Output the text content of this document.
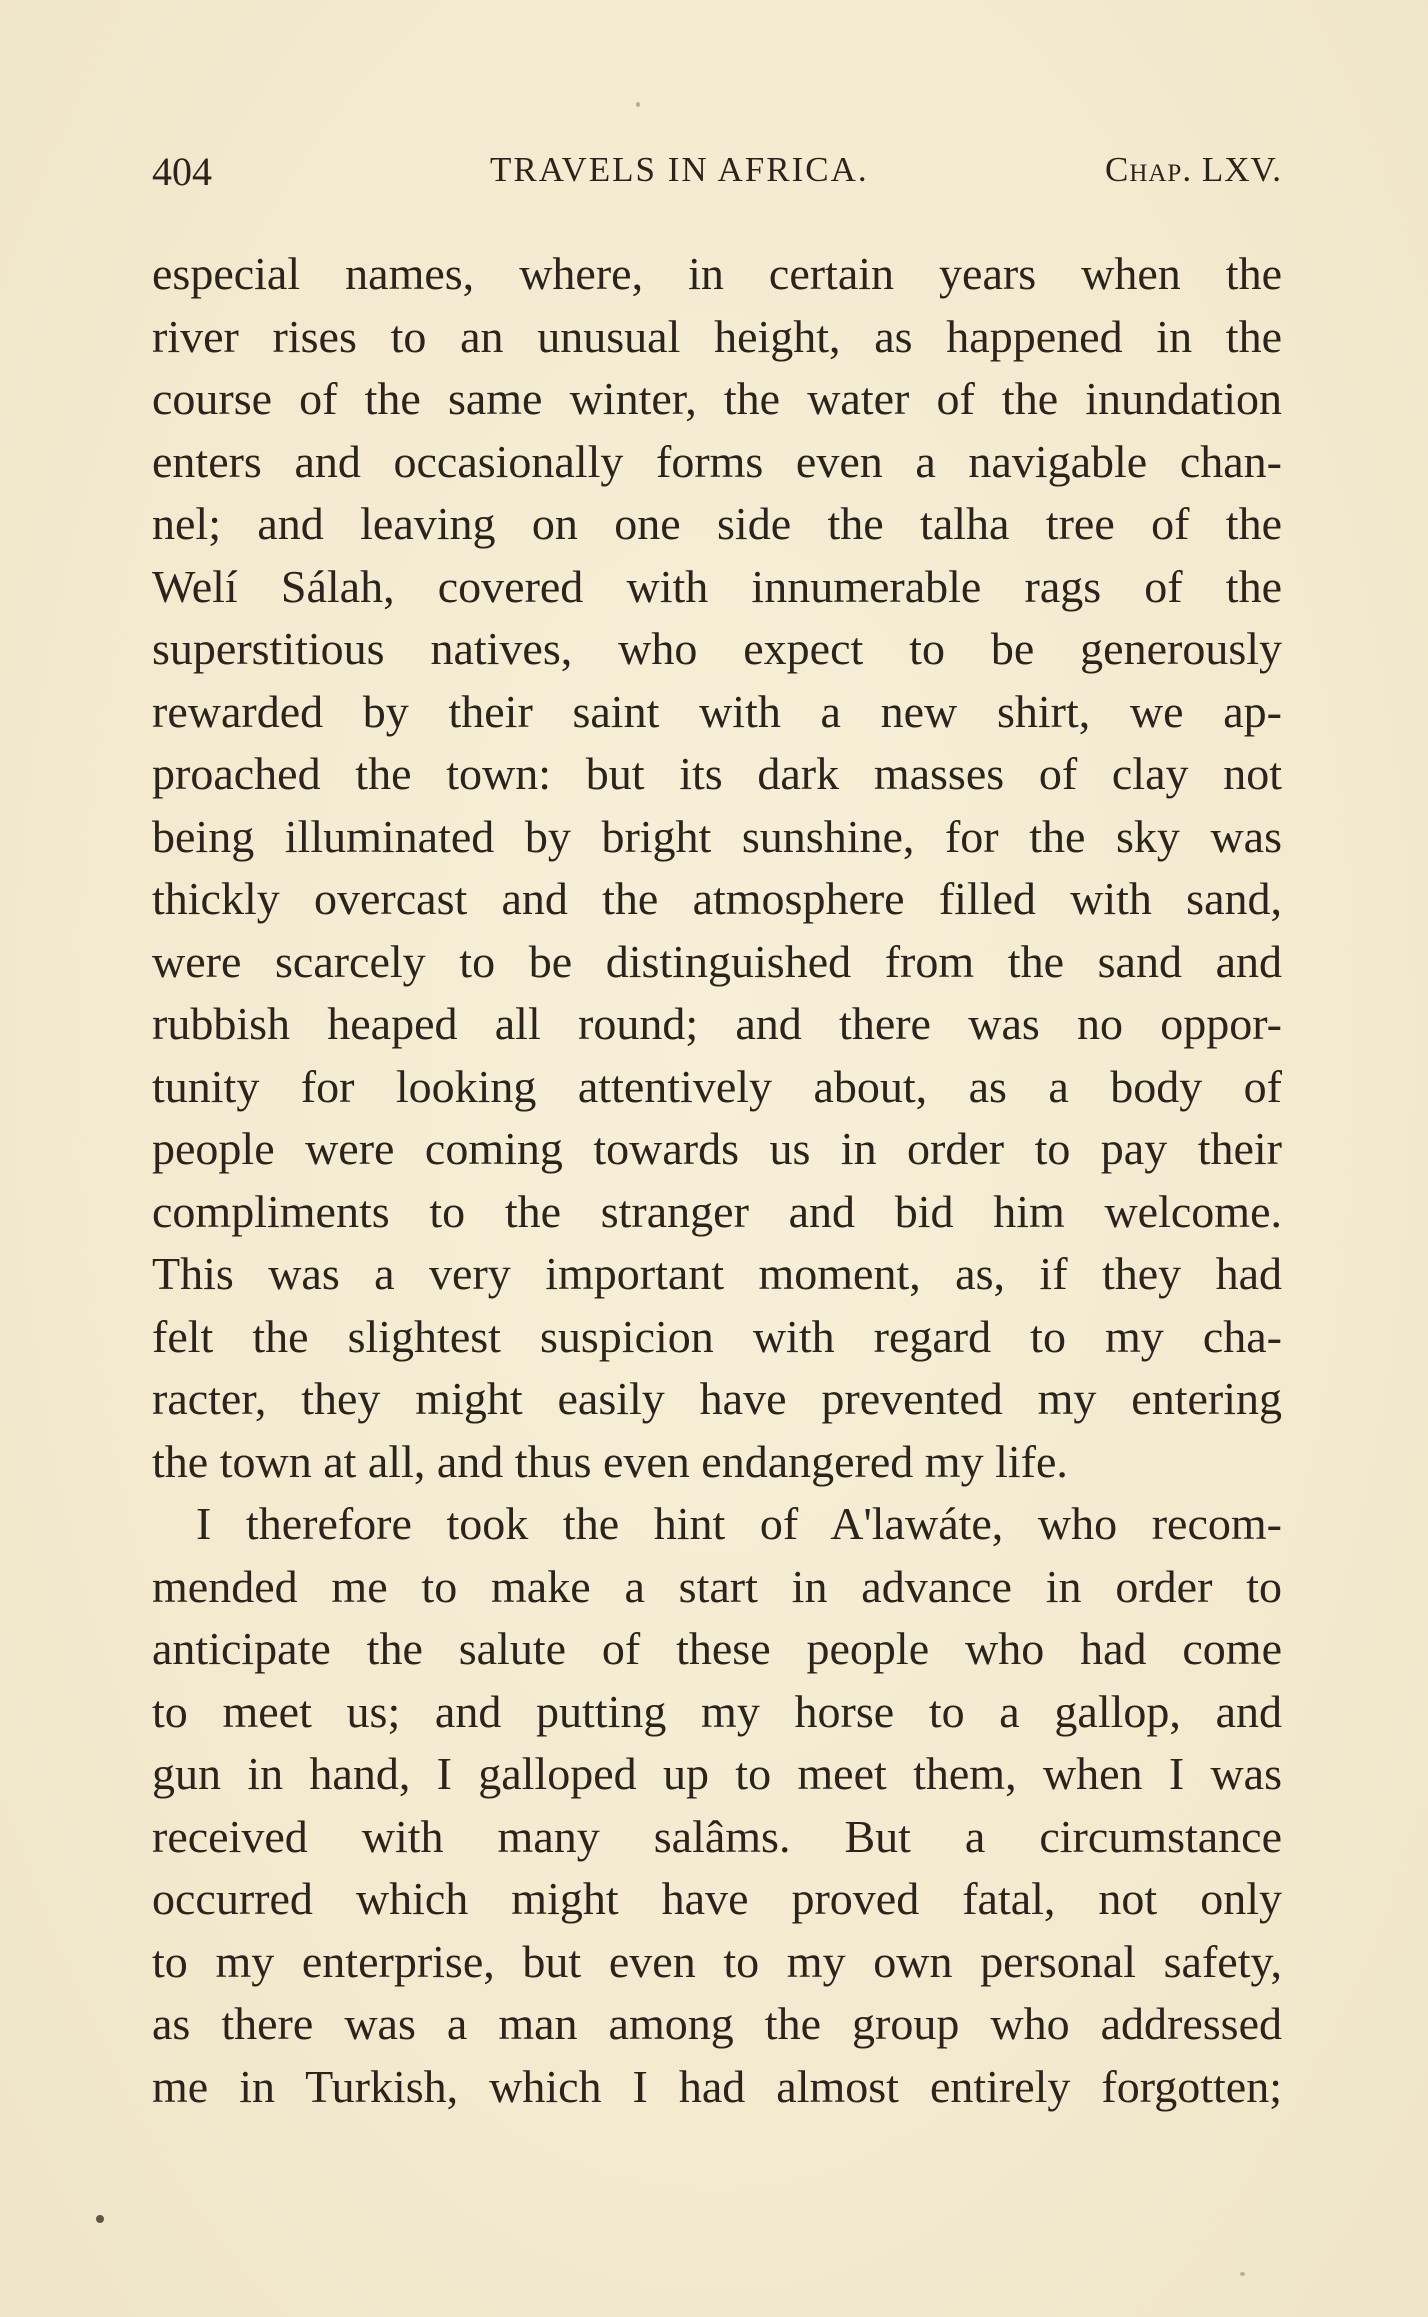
404	TRAVELS IN AFRICA.	Chap. LXV.
especial names, where, in certain years when the
river rises to an unusual height, as happened in the
course of the same winter, the water of the inundation
enters and occasionally forms even a navigable chan-
nel; and leaving on one side the talha tree of the
Welí Sálah, covered with innumerable rags of the
superstitious natives, who expect to be generously
rewarded by their saint with a new shirt, we ap-
proached the town: but its dark masses of clay not
being illuminated by bright sunshine, for the sky was
thickly overcast and the atmosphere filled with sand,
were scarcely to be distinguished from the sand and
rubbish heaped all round; and there was no oppor-
tunity for looking attentively about, as a body of
people were coming towards us in order to pay their
compliments to the stranger and bid him welcome.
This was a very important moment, as, if they had
felt the slightest suspicion with regard to my cha-
racter, they might easily have prevented my entering
the town at all, and thus even endangered my life.
I therefore took the hint of A'lawáte, who recom-
mended me to make a start in advance in order to
anticipate the salute of these people who had come
to meet us; and putting my horse to a gallop, and
gun in hand, I galloped up to meet them, when I was
received with many salâms. But a circumstance
occurred which might have proved fatal, not only
to my enterprise, but even to my own personal safety,
as there was a man among the group who addressed
me in Turkish, which I had almost entirely forgotten;
